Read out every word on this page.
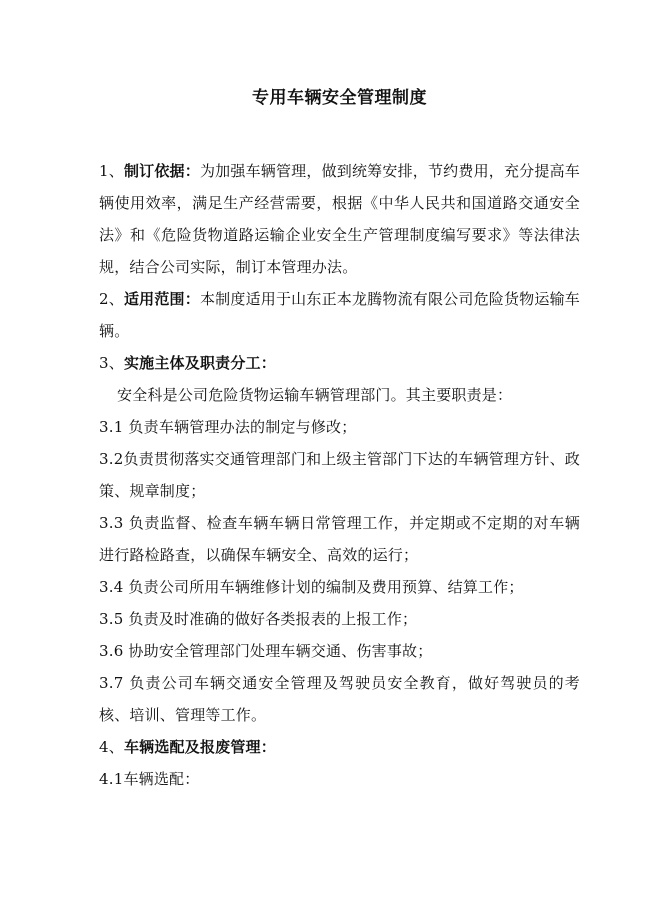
专用车辆安全管理制度

1、制订依据：为加强车辆管理，做到统筹安排，节约费用，充分提高车辆使用效率，满足生产经营需要，根据《中华人民共和国道路交通安全法》和《危险货物道路运输企业安全生产管理制度编写要求》等法律法规，结合公司实际，制订本管理办法。

2、适用范围：本制度适用于山东正本龙腾物流有限公司危险货物运输车辆。

3、实施主体及职责分工：

安全科是公司危险货物运输车辆管理部门。其主要职责是：

3.1 负责车辆管理办法的制定与修改；

3.2负责贯彻落实交通管理部门和上级主管部门下达的车辆管理方针、政策、规章制度；

3.3 负责监督、检查车辆车辆日常管理工作，并定期或不定期的对车辆进行路检路查，以确保车辆安全、高效的运行；

3.4 负责公司所用车辆维修计划的编制及费用预算、结算工作；

3.5 负责及时准确的做好各类报表的上报工作；

3.6 协助安全管理部门处理车辆交通、伤害事故；

3.7 负责公司车辆交通安全管理及驾驶员安全教育，做好驾驶员的考核、培训、管理等工作。

4、车辆选配及报废管理：

4.1车辆选配：
